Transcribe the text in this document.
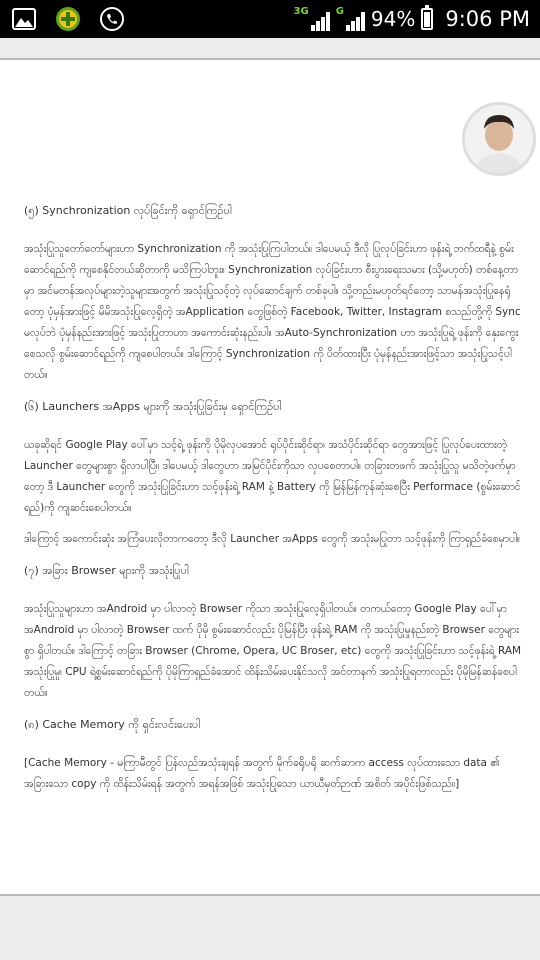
3G	G 94% 9:06 PM
(၅) Synchronization လုပ်ခြင်းကို ရှောင်ကြဉ်ပါ

အသုံးပြုသူတော်တော်များဟာ Synchronization ကို အသုံးပြုကြပါတယ်။ ဒါပေမယ့် ဒီလို ပြုလုပ်ခြင်းဟာ ဖုန်းရဲ့ ဘက်ထရီနဲ့ စွမ်းဆောင်ရည်ကို ကျစေနိုင်တယ်ဆိုတာကို မသိကြပါဘူး။ Synchronization လုပ်ခြင်းဟာ စီးပွားရေးသမား (သို့မဟုတ်) တစ်နေ့တာမှာ အင်မတန်အလုပ်များတဲ့သူများအတွက် အသုံးပြုသင့်တဲ့ လုပ်ဆောင်ချက် တစ်ခုပါ။ သို့တည်းမဟုတ်ရင်တော့ သာမန်အသုံးပြုနေရုံတော့ ပုံမှန်အားဖြင့် မိမိအသုံးပြုလေ့ရှိတဲ့ အApplication တွေဖြစ်တဲ့ Facebook, Twitter, Instagram စသည်တို့ကို Sync မလုပ်ဘဲ ပုံမှန်နည်းအားဖြင့် အသုံးပြုတာဟာ အကောင်းဆုံးနည်းပါ။ အAuto-Synchronization ဟာ အသုံးပြုရဲ့ ဖုန်းကို နှေးကွေးစေသလို စွမ်းဆောင်ရည်ကို ကျစေပါတယ်။ ဒါကြောင့် Synchronization ကို ပိတ်ထားပြီး ပုံမှန်နည်းအားဖြင့်သာ အသုံးပြုသင့်ပါတယ်။

(၆) Launchers အApps များကို အသုံးပြုခြင်းမှ ရှောင်ကြဉ်ပါ

ယခုဆိုရင် Google Play ပေါ်မှာ သင့်ရဲ့ ဖုန်းကို ပိုမိုလှပအောင် ရုပ်ပိုင်းဆိုင်ရာ၊ အသံပိုင်းဆိုင်ရာ တွေအားဖြင့် ပြုလုပ်ပေးထားတဲ့ Launcher တွေများစွာ ရှိလာပါပြီ။ ဒါပေမယ့် ဒါတွေဟာ အမြင်ပိုင်းကိုသာ လှပစေတာပါ။ တခြားတဖက် အသုံးပြုသူ မသိတဲ့ဖက်မှာတော့ ဒီ Launcher တွေကို အသုံးပြုခြင်းဟာ သင့်ဖုန်းရဲ့ RAM နဲ့ Battery ကို မြန်မြန်ကုန်ဆုံးစေပြီး Performace (စွမ်းဆောင်ရည်)ကို ကျဆင်းစေပါတယ်။

ဒါကြောင့် အကောင်းဆုံး အကြံပေးလိုတာကတော့ ဒီလို Launcher အApps တွေကို အသုံးမပြုတာ သင့်ဖုန်းကို ကြာရှည်ခံစေမှာပါ။

(၇) အခြား Browser များကို အသုံးပြုပါ

အသုံးပြုသူများဟာ အAndroid မှာ ပါလာတဲ့ Browser ကိုသာ အသုံးပြုလေ့ရှိပါတယ်။ တကယ်တော့ Google Play ပေါ်မှာ အAndroid မှာ ပါလာတဲ့ Browser ထက် ပိုမို စွမ်းဆောင်လည်း ပိုမြန်ပြီး ဖုန်းရဲ့ RAM ကို အသုံးပြုမှုနည်းတဲ့ Browser တွေများစွာ ရှိပါတယ်။ ဒါကြောင့် တခြား Browser (Chrome, Opera, UC Broser, etc) တွေကို အသုံးပြုခြင်းဟာ သင့်ဖုန်းရဲ့ RAM အသုံးပြုမှု၊ CPU ရဲ့စွမ်းဆောင်ရည်ကို ပိုမိုကြာရှည်ခံအောင် ထိန်းသိမ်းပေးနိုင်သလို အင်တာနက် အသုံးပြုရတာလည်း ပိုမိုမြန်ဆန်စေပါတယ်။

(၈) Cache Memory ကို ရှင်းလင်းပေးပါ

[Cache Memory - မကြာမီတွင် ပြန်လည်အသုံးချရန် အတွက် မိုက်ခရိုပရို ဆက်ဆာက access လုပ်ထားသော data ၏ အခြားသော copy ကို ထိန်းသိမ်းရန် အတွက် အရန်အဖြစ် အသုံးပြုသော ယာယီမှတ်ဉာဏ် အစိတ် အပိုင်းဖြစ်သည်။]
